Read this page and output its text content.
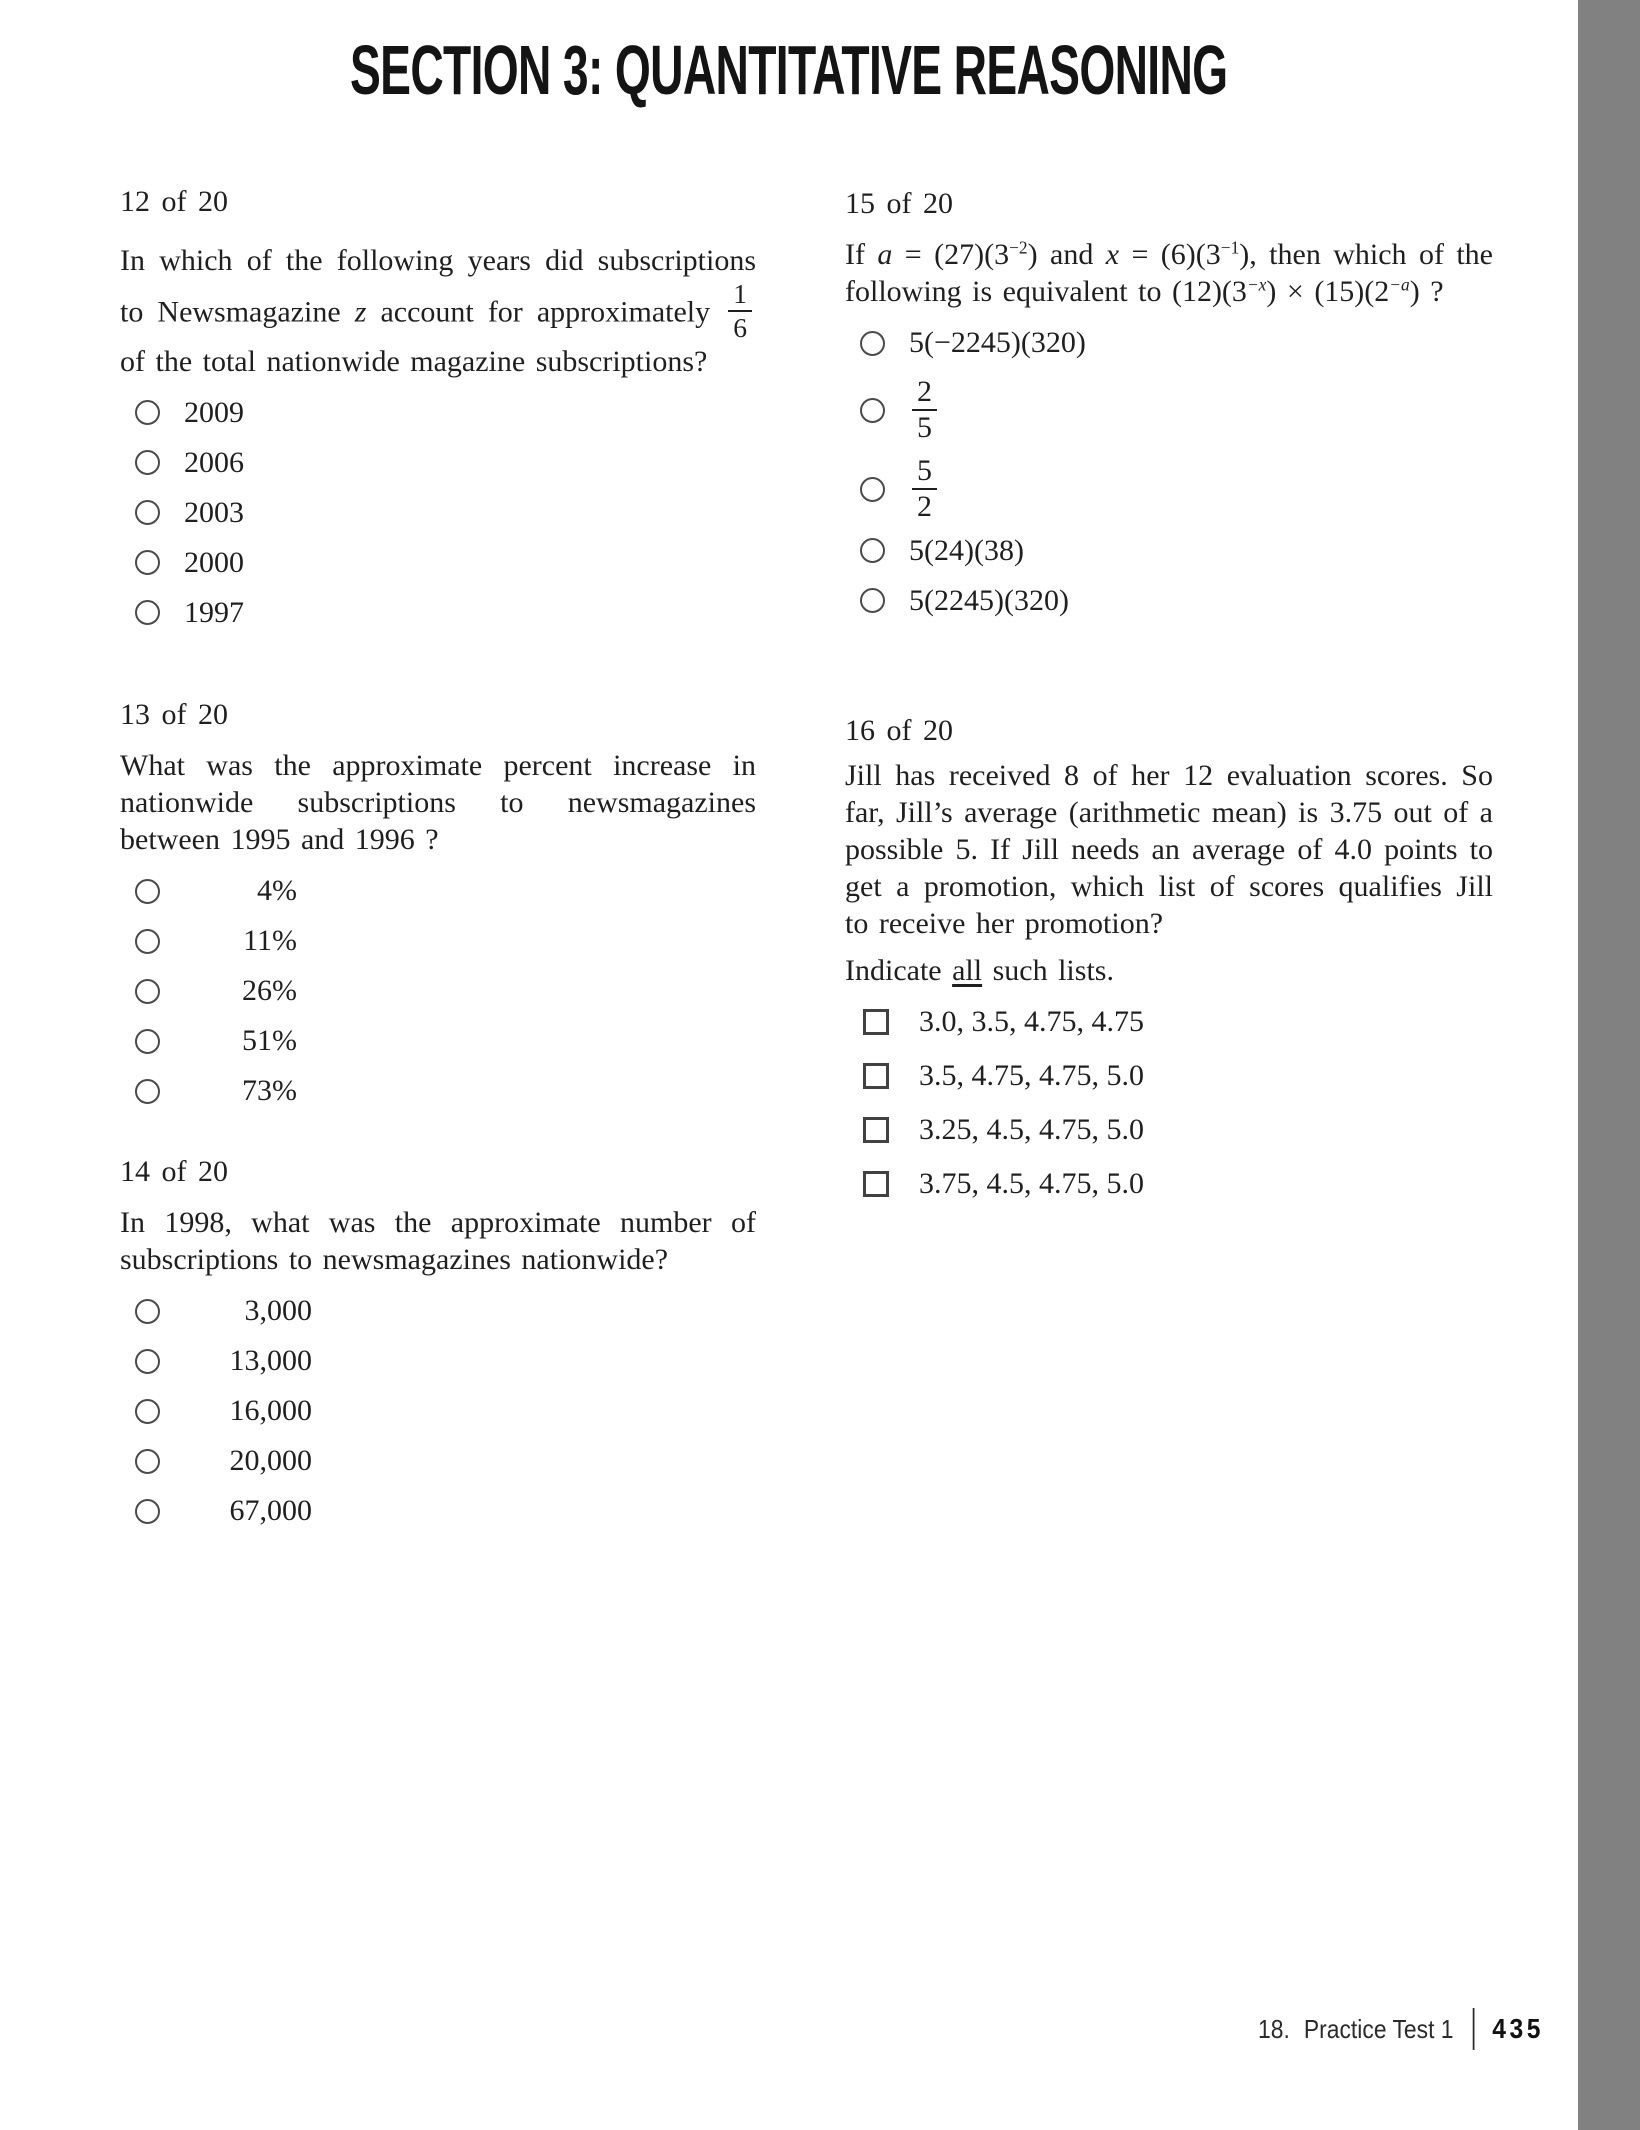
SECTION 3: QUANTITATIVE REASONING
12 of 20
In which of the following years did subscriptions to Newsmagazine z account for approximately $\frac{1}{6}$
of the total nationwide magazine subscriptions?
2009
2006
2003
2000
1997
13 of 20
What was the approximate percent increase in nationwide subscriptions to newsmagazines between 1995 and 1996 ?
4%
11%
26%
51%
73%
14 of 20
In 1998, what was the approximate number of subscriptions to newsmagazines nationwide?
3,000
13,000
16,000
20,000
67,000
15 of 20
If $a = (27)(3^{-2})$ and $x = (6)(3^{-1})$, then which of the following is equivalent to $(12)(3^{-x}) \times (15)(2^{-a})$ ?
5(−2245)(320)
$\frac{2}{5}$
$\frac{5}{2}$
5(24)(38)
5(2245)(320)
16 of 20
Jill has received 8 of her 12 evaluation scores. So far, Jill’s average (arithmetic mean) is 3.75 out of a possible 5. If Jill needs an average of 4.0 points to get a promotion, which list of scores qualifies Jill to receive her promotion?
Indicate all such lists.
3.0, 3.5, 4.75, 4.75
3.5, 4.75, 4.75, 5.0
3.25, 4.5, 4.75, 5.0
3.75, 4.5, 4.75, 5.0
18. Practice Test 1 435
